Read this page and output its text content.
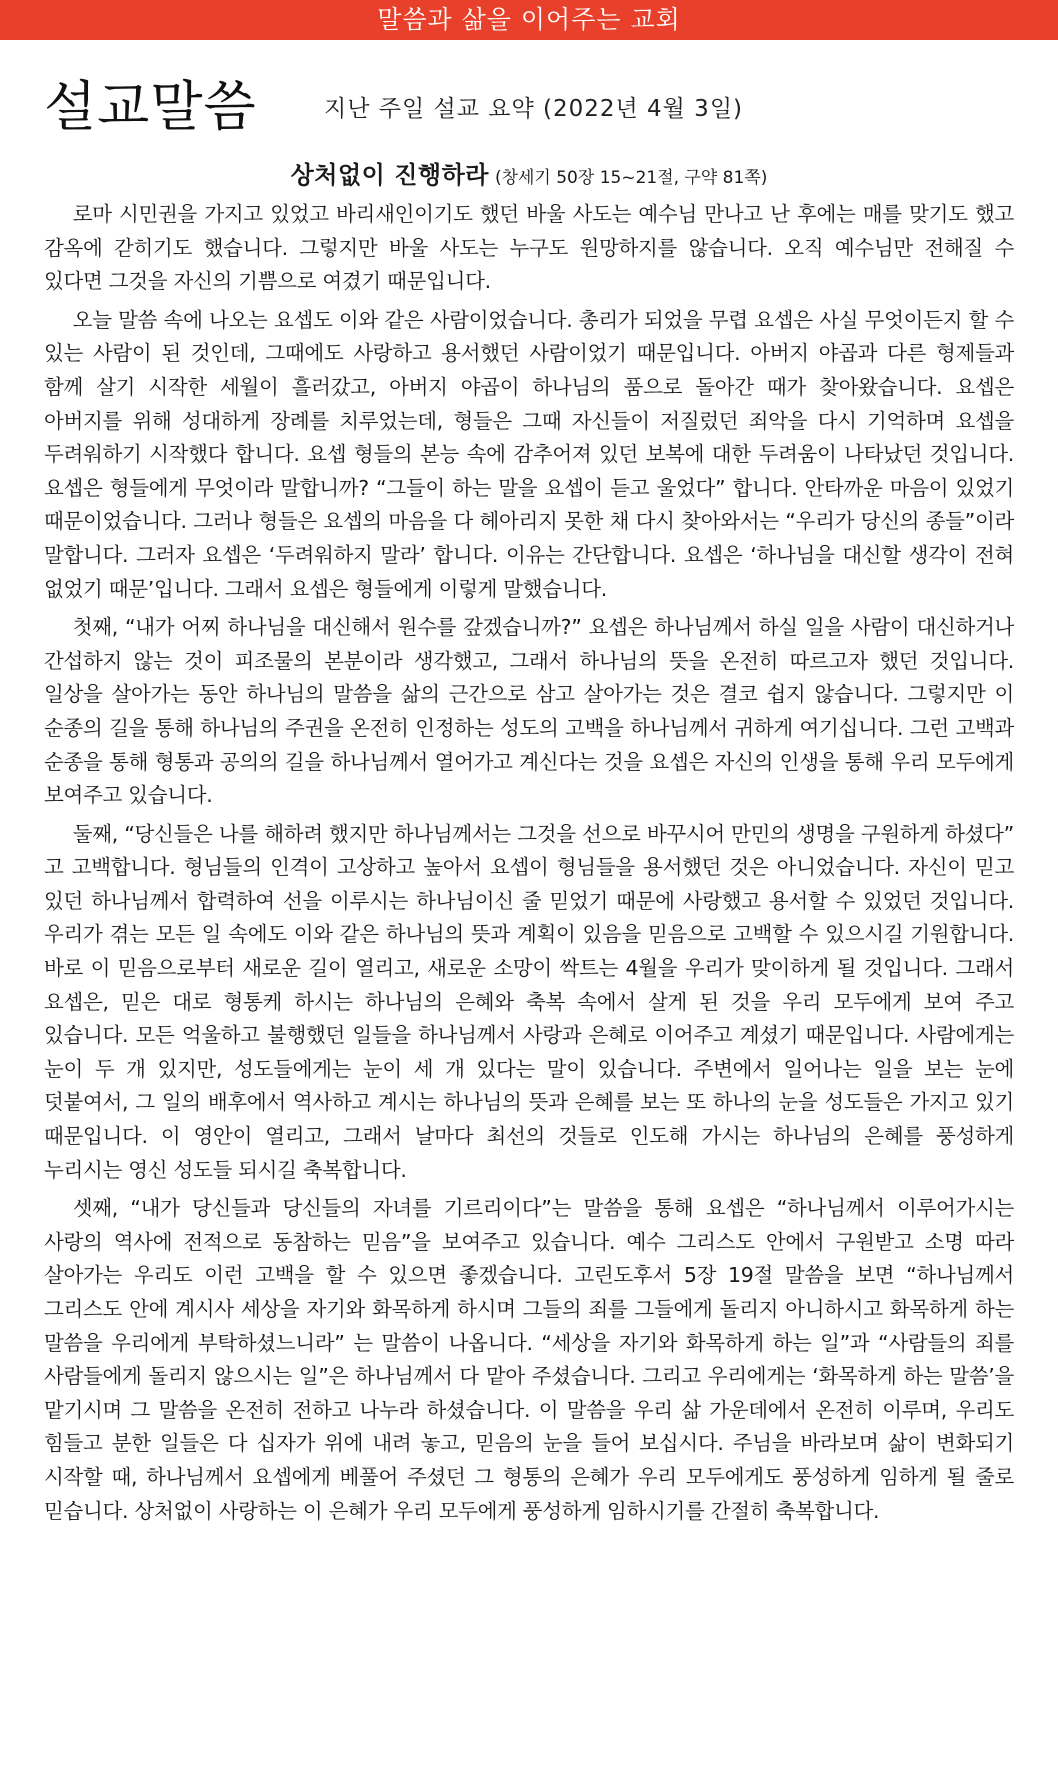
말씀과 삶을 이어주는 교회
설교말씀	지난 주일 설교 요약 (2022년 4월 3일)
상처없이 진행하라 (창세기 50장 15~21절, 구약 81쪽)

로마 시민권을 가지고 있었고 바리새인이기도 했던 바울 사도는 예수님 만나고 난 후에는 매를 맞기도 했고 감옥에 갇히기도 했습니다. 그렇지만 바울 사도는 누구도 원망하지를 않습니다. 오직 예수님만 전해질 수 있다면 그것을 자신의 기쁨으로 여겼기 때문입니다.

오늘 말씀 속에 나오는 요셉도 이와 같은 사람이었습니다. 총리가 되었을 무렵 요셉은 사실 무엇이든지 할 수 있는 사람이 된 것인데, 그때에도 사랑하고 용서했던 사람이었기 때문입니다. 아버지 야곱과 다른 형제들과 함께 살기 시작한 세월이 흘러갔고, 아버지 야곱이 하나님의 품으로 돌아간 때가 찾아왔습니다. 요셉은 아버지를 위해 성대하게 장례를 치루었는데, 형들은 그때 자신들이 저질렀던 죄악을 다시 기억하며 요셉을 두려워하기 시작했다 합니다. 요셉 형들의 본능 속에 감추어져 있던 보복에 대한 두려움이 나타났던 것입니다. 요셉은 형들에게 무엇이라 말합니까? “그들이 하는 말을 요셉이 듣고 울었다” 합니다. 안타까운 마음이 있었기 때문이었습니다. 그러나 형들은 요셉의 마음을 다 헤아리지 못한 채 다시 찾아와서는 “우리가 당신의 종들”이라 말합니다. 그러자 요셉은 ‘두려워하지 말라’ 합니다. 이유는 간단합니다. 요셉은 ‘하나님을 대신할 생각이 전혀 없었기 때문’입니다. 그래서 요셉은 형들에게 이렇게 말했습니다.

첫째, “내가 어찌 하나님을 대신해서 원수를 갚겠습니까?” 요셉은 하나님께서 하실 일을 사람이 대신하거나 간섭하지 않는 것이 피조물의 본분이라 생각했고, 그래서 하나님의 뜻을 온전히 따르고자 했던 것입니다. 일상을 살아가는 동안 하나님의 말씀을 삶의 근간으로 삼고 살아가는 것은 결코 쉽지 않습니다. 그렇지만 이 순종의 길을 통해 하나님의 주권을 온전히 인정하는 성도의 고백을 하나님께서 귀하게 여기십니다. 그런 고백과 순종을 통해 형통과 공의의 길을 하나님께서 열어가고 계신다는 것을 요셉은 자신의 인생을 통해 우리 모두에게 보여주고 있습니다.

둘째, “당신들은 나를 해하려 했지만 하나님께서는 그것을 선으로 바꾸시어 만민의 생명을 구원하게 하셨다” 고 고백합니다. 형님들의 인격이 고상하고 높아서 요셉이 형님들을 용서했던 것은 아니었습니다. 자신이 믿고 있던 하나님께서 합력하여 선을 이루시는 하나님이신 줄 믿었기 때문에 사랑했고 용서할 수 있었던 것입니다. 우리가 겪는 모든 일 속에도 이와 같은 하나님의 뜻과 계획이 있음을 믿음으로 고백할 수 있으시길 기원합니다. 바로 이 믿음으로부터 새로운 길이 열리고, 새로운 소망이 싹트는 4월을 우리가 맞이하게 될 것입니다. 그래서 요셉은, 믿은 대로 형통케 하시는 하나님의 은혜와 축복 속에서 살게 된 것을 우리 모두에게 보여 주고 있습니다. 모든 억울하고 불행했던 일들을 하나님께서 사랑과 은혜로 이어주고 계셨기 때문입니다. 사람에게는 눈이 두 개 있지만, 성도들에게는 눈이 세 개 있다는 말이 있습니다. 주변에서 일어나는 일을 보는 눈에 덧붙여서, 그 일의 배후에서 역사하고 계시는 하나님의 뜻과 은혜를 보는 또 하나의 눈을 성도들은 가지고 있기 때문입니다. 이 영안이 열리고, 그래서 날마다 최선의 것들로 인도해 가시는 하나님의 은혜를 풍성하게 누리시는 영신 성도들 되시길 축복합니다.

셋째, “내가 당신들과 당신들의 자녀를 기르리이다”는 말씀을 통해 요셉은 “하나님께서 이루어가시는 사랑의 역사에 전적으로 동참하는 믿음”을 보여주고 있습니다. 예수 그리스도 안에서 구원받고 소명 따라 살아가는 우리도 이런 고백을 할 수 있으면 좋겠습니다. 고린도후서 5장 19절 말씀을 보면 “하나님께서 그리스도 안에 계시사 세상을 자기와 화목하게 하시며 그들의 죄를 그들에게 돌리지 아니하시고 화목하게 하는 말씀을 우리에게 부탁하셨느니라” 는 말씀이 나옵니다. “세상을 자기와 화목하게 하는 일”과 “사람들의 죄를 사람들에게 돌리지 않으시는 일”은 하나님께서 다 맡아 주셨습니다. 그리고 우리에게는 ‘화목하게 하는 말씀’을 맡기시며 그 말씀을 온전히 전하고 나누라 하셨습니다. 이 말씀을 우리 삶 가운데에서 온전히 이루며, 우리도 힘들고 분한 일들은 다 십자가 위에 내려 놓고, 믿음의 눈을 들어 보십시다. 주님을 바라보며 삶이 변화되기 시작할 때, 하나님께서 요셉에게 베풀어 주셨던 그 형통의 은혜가 우리 모두에게도 풍성하게 임하게 될 줄로 믿습니다. 상처없이 사랑하는 이 은혜가 우리 모두에게 풍성하게 임하시기를 간절히 축복합니다.
